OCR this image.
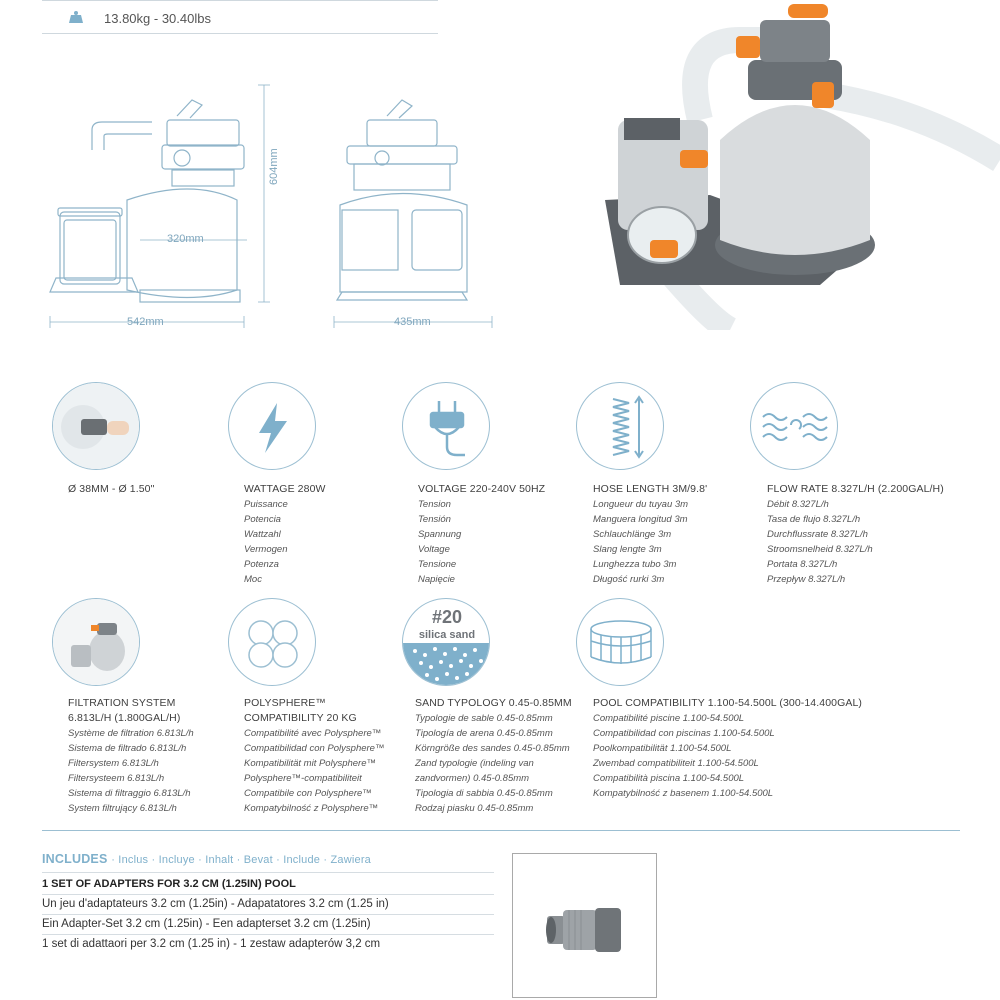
13.80kg - 30.40lbs
542mm
320mm
435mm
604mm
Ø 38MM - Ø 1.50"	WATTAGE 280W
Puissance
Potencia
Wattzahl
Vermogen
Potenza
Moc
VOLTAGE 220-240V 50HZ
Tension
Tensión
Spannung
Voltage
Tensione
Napięcie
HOSE LENGTH 3M/9.8'
Longueur du tuyau 3m
Manguera longitud 3m
Schlauchlänge 3m
Slang lengte 3m
Lunghezza tubo 3m
Długość rurki 3m
FLOW RATE 8.327L/H (2.200GAL/H)
Débit 8.327L/h
Tasa de flujo 8.327L/h
Durchflussrate 8.327L/h
Stroomsnelheid 8.327L/h
Portata 8.327L/h
Przepływ 8.327L/h
#20
silica sand
FILTRATION SYSTEM
6.813L/H (1.800GAL/H)
Système de filtration 6.813L/h
Sistema de filtrado 6.813L/h
Filtersystem 6.813L/h
Filtersysteem 6.813L/h
Sistema di filtraggio 6.813L/h
System filtrujący 6.813L/h
POLYSPHERE™
COMPATIBILITY 20 KG
Compatibilité avec Polysphere™
Compatibilidad con Polysphere™
Kompatibilität mit Polysphere™
Polysphere™-compatibiliteit
Compatibile con Polysphere™
Kompatybilność z Polysphere™
SAND TYPOLOGY 0.45-0.85MM
Typologie de sable 0.45-0.85mm
Tipología de arena 0.45-0.85mm
Körngröße des sandes 0.45-0.85mm
Zand typologie (indeling van
zandvormen) 0.45-0.85mm
Tipologia di sabbia 0.45-0.85mm
Rodzaj piasku 0.45-0.85mm
POOL COMPATIBILITY 1.100-54.500L (300-14.400GAL)
Compatibilité piscine 1.100-54.500L
Compatibilidad con piscinas 1.100-54.500L
Poolkompatibilität 1.100-54.500L
Zwembad compatibiliteit 1.100-54.500L
Compatibilità piscina 1.100-54.500L
Kompatybilność z basenem 1.100-54.500L
INCLUDES · Inclus · Incluye · Inhalt · Bevat · Include · Zawiera
1 SET OF ADAPTERS FOR 3.2 CM (1.25IN) POOL
Un jeu d'adaptateurs 3.2 cm (1.25in) - Adapatatores 3.2 cm (1.25 in)
Ein Adapter-Set 3.2 cm (1.25in) - Een adapterset 3.2 cm (1.25in)
1 set di adattaori per 3.2 cm (1.25 in) - 1 zestaw adapterów 3,2 cm
